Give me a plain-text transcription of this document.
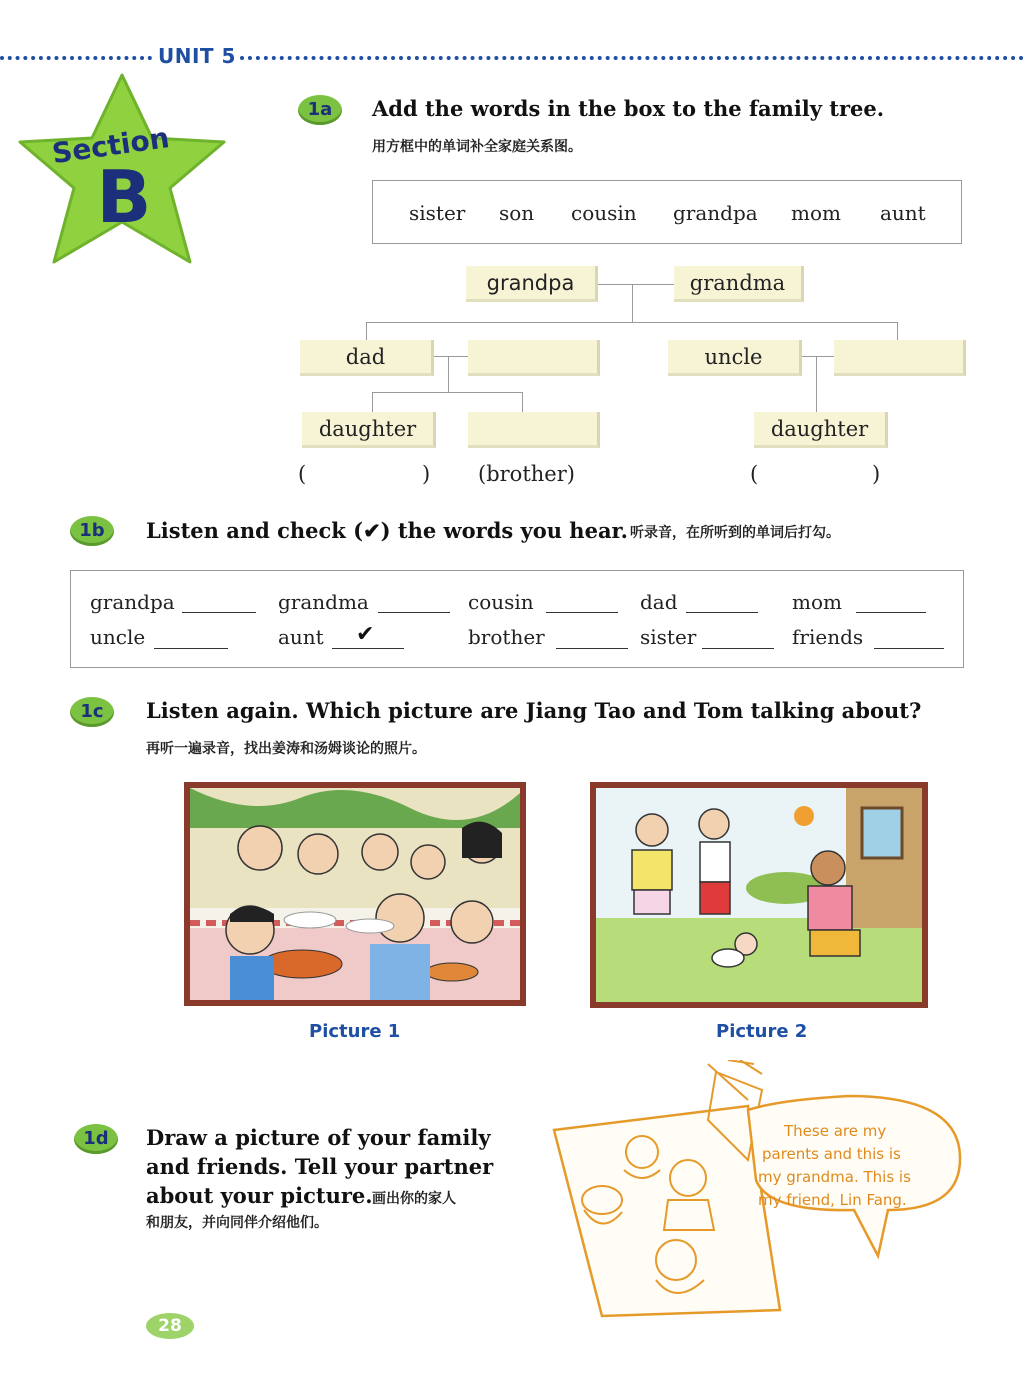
UNIT 5
Section
B
1a	Add the words in the box to the family tree.
用方框中的单词补全家庭关系图。
sister son cousin grandpa mom aunt
grandpa	grandma
dad	uncle
daughter	daughter
(	) (brother)	(	)
1b	Listen and check (✔) the words you hear. 听录音，在所听到的单词后打勾。
grandpa	grandma	cousin	dad	mom
uncle	aunt ✔	brother	sister	friends
1c	Listen again. Which picture are Jiang Tao and Tom talking about?
再听一遍录音，找出姜涛和汤姆谈论的照片。
Picture 1	Picture 2
1d	Draw a picture of your family
and friends. Tell your partner
about your picture. 画出你的家人
和朋友，并向同伴介绍他们。
These are my
parents and this is
my grandma. This is
my friend, Lin Fang.
28
